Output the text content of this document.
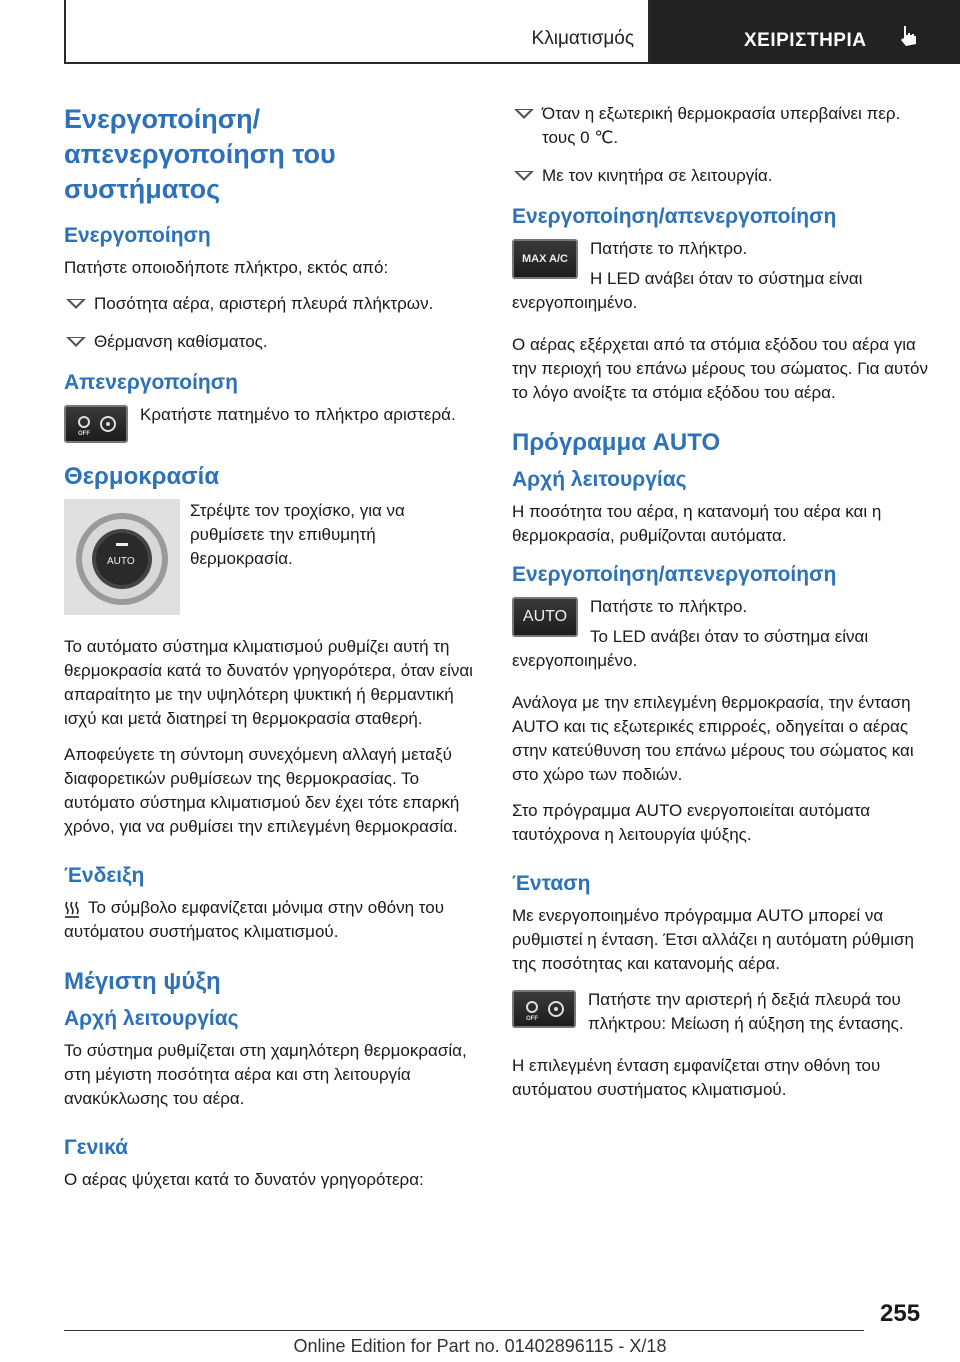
Κλιματισμός	ΧΕΙΡΙΣΤΗΡΙΑ
Ενεργοποίηση/απενεργοποίηση του συστήματος
Ενεργοποίηση

Πατήστε οποιοδήποτε πλήκτρο, εκτός από:

Ποσότητα αέρα, αριστερή πλευρά πλήκτρων.
Θέρμανση καθίσματος.
Απενεργοποίηση
OFF

Κρατήστε πατημένο το πλήκτρο αριστερά.

Θερμοκρασία
AUTO

Στρέψτε τον τροχίσκο, για να ρυθμίσετε την επιθυμητή θερμοκρασία.

Το αυτόματο σύστημα κλιματισμού ρυθμίζει αυτή τη θερμοκρασία κατά το δυνατόν γρηγορότερα, όταν είναι απαραίτητο με την υψηλότερη ψυκτική ή θερμαντική ισχύ και μετά διατηρεί τη θερμοκρασία σταθερή.

Αποφεύγετε τη σύντομη συνεχόμενη αλλαγή μεταξύ διαφορετικών ρυθμίσεων της θερμοκρασίας. Το αυτόματο σύστημα κλιματισμού δεν έχει τότε επαρκή χρόνο, για να ρυθμίσει την επιλεγμένη θερμοκρασία.

Ένδειξη

Το σύμβολο εμφανίζεται μόνιμα στην οθόνη του αυτόματου συστήματος κλιματισμού.

Μέγιστη ψύξη
Αρχή λειτουργίας

Το σύστημα ρυθμίζεται στη χαμηλότερη θερμοκρασία, στη μέγιστη ποσότητα αέρα και στη λειτουργία ανακύκλωσης του αέρα.

Γενικά

Ο αέρας ψύχεται κατά το δυνατόν γρηγορότερα:

Όταν η εξωτερική θερμοκρασία υπερβαίνει περ. τους 0 ℃.
Με τον κινητήρα σε λειτουργία.
Ενεργοποίηση/απενεργοποίηση
MAX A/C

Πατήστε το πλήκτρο.

Η LED ανάβει όταν το σύστημα είναι ενεργοποιημένο.

Ο αέρας εξέρχεται από τα στόμια εξόδου του αέρα για την περιοχή του επάνω μέρους του σώματος. Για αυτόν το λόγο ανοίξτε τα στόμια εξόδου του αέρα.

Πρόγραμμα AUTO
Αρχή λειτουργίας

Η ποσότητα του αέρα, η κατανομή του αέρα και η θερμοκρασία, ρυθμίζονται αυτόματα.

Ενεργοποίηση/απενεργοποίηση
AUTO

Πατήστε το πλήκτρο.

Το LED ανάβει όταν το σύστημα είναι ενεργοποιημένο.

Ανάλογα με την επιλεγμένη θερμοκρασία, την ένταση AUTO και τις εξωτερικές επιρροές, οδηγείται ο αέρας στην κατεύθυνση του επάνω μέρους του σώματος και στο χώρο των ποδιών.

Στο πρόγραμμα AUTO ενεργοποιείται αυτόματα ταυτόχρονα η λειτουργία ψύξης.

Ένταση

Με ενεργοποιημένο πρόγραμμα AUTO μπορεί να ρυθμιστεί η ένταση. Έτσι αλλάζει η αυτόματη ρύθμιση της ποσότητας και κατανομής αέρα.

OFF

Πατήστε την αριστερή ή δεξιά πλευρά του πλήκτρου: Μείωση ή αύξηση της έντασης.

Η επιλεγμένη ένταση εμφανίζεται στην οθόνη του αυτόματου συστήματος κλιματισμού.

255
Online Edition for Part no. 01402896115 - X/18
